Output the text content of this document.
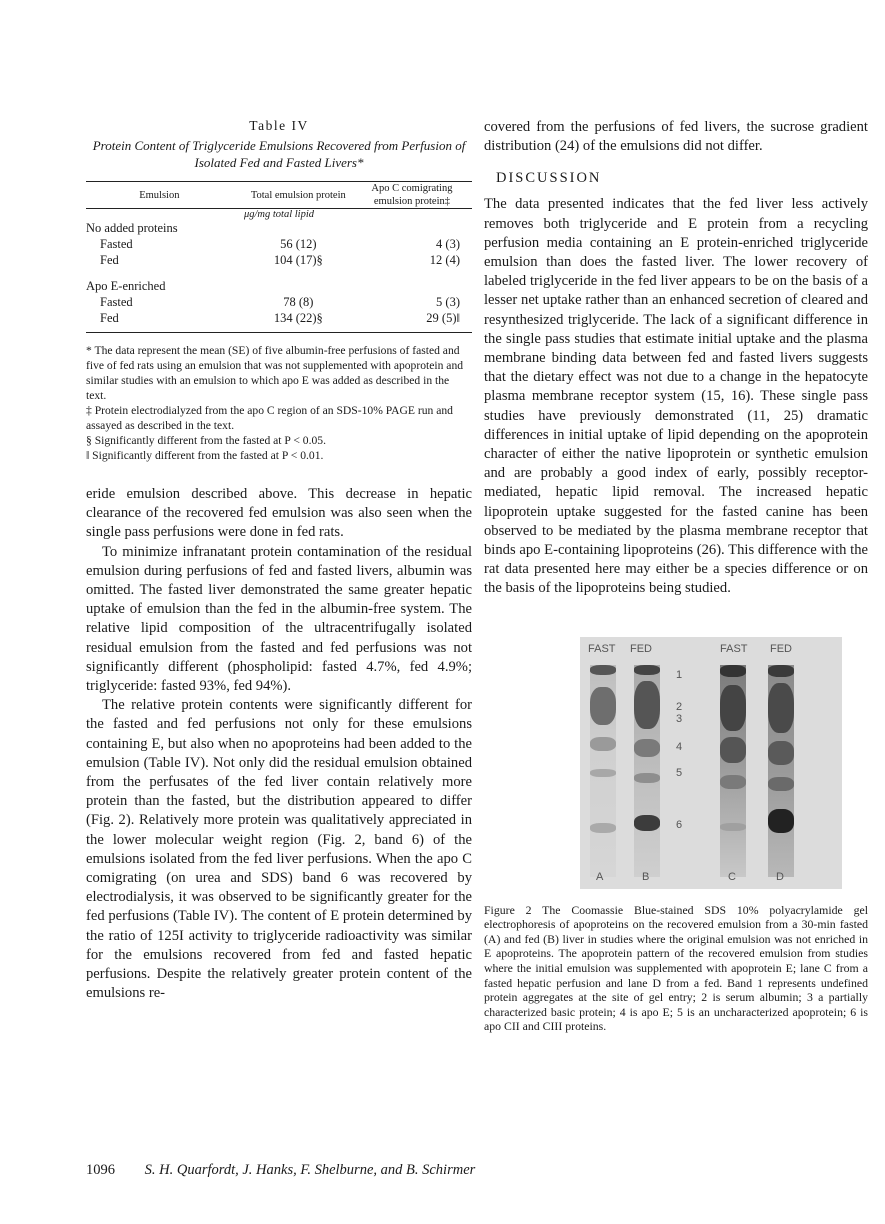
Table IV
Protein Content of Triglyceride Emulsions Recovered from Perfusion of Isolated Fed and Fasted Livers*

Emulsion	Total emulsion protein	Apo C comigrating emulsion protein‡
μg/mg total lipid		
No added proteins		
Fasted	56 (12)	4 (3)
Fed	104 (17)§	12 (4)

Apo E-enriched		
Fasted	78 (8)	5 (3)
Fed	134 (22)§	29 (5)‖

* The data represent the mean (SE) of five albumin-free perfusions of fasted and five of fed rats using an emulsion that was not supplemented with apoprotein and similar studies with an emulsion to which apo E was added as described in the text.

‡ Protein electrodialyzed from the apo C region of an SDS-10% PAGE run and assayed as described in the text.

§ Significantly different from the fasted at P < 0.05.

‖ Significantly different from the fasted at P < 0.01.

eride emulsion described above. This decrease in hepatic clearance of the recovered fed emulsion was also seen when the single pass perfusions were done in fed rats.

To minimize infranatant protein contamination of the residual emulsion during perfusions of fed and fasted livers, albumin was omitted. The fasted liver demonstrated the same greater hepatic uptake of emulsion than the fed in the albumin-free system. The relative lipid composition of the ultracentrifugally isolated residual emulsion from the fasted and fed perfusions was not significantly different (phospholipid: fasted 4.7%, fed 4.9%; triglyceride: fasted 93%, fed 94%).

The relative protein contents were significantly different for the fasted and fed perfusions not only for these emulsions containing E, but also when no apoproteins had been added to the emulsion (Table IV). Not only did the residual emulsion obtained from the perfusates of the fed liver contain relatively more protein than the fasted, but the distribution appeared to differ (Fig. 2). Relatively more protein was qualitatively appreciated in the lower molecular weight region (Fig. 2, band 6) of the emulsions isolated from the fed liver perfusions. When the apo C comigrating (on urea and SDS) band 6 was recovered by electrodialysis, it was observed to be significantly greater for the fed perfusions (Table IV). The content of E protein determined by the ratio of 125I activity to triglyceride radioactivity was similar for the emulsions recovered from fed and fasted hepatic perfusions. Despite the relatively greater protein content of the emulsions re-

covered from the perfusions of fed livers, the sucrose gradient distribution (24) of the emulsions did not differ.

DISCUSSION

The data presented indicates that the fed liver less actively removes both triglyceride and E protein from a recycling perfusion media containing an E protein-enriched triglyceride emulsion than does the fasted liver. The lower recovery of labeled triglyceride in the fed liver appears to be on the basis of a lesser net uptake rather than an enhanced secretion of cleared and resynthesized triglyceride. The lack of a significant difference in the single pass studies that estimate initial uptake and the plasma membrane binding data between fed and fasted livers suggests that the dietary effect was not due to a change in the hepatocyte plasma membrane receptor system (15, 16). These single pass studies have previously demonstrated (11, 25) dramatic differences in initial uptake of lipid depending on the apoprotein character of either the native lipoprotein or synthetic emulsion and are probably a good index of early, possibly receptor-mediated, hepatic lipid removal. The increased hepatic lipoprotein uptake suggested for the fasted canine has been observed to be mediated by the plasma membrane receptor that binds apo E-containing lipoproteins (26). This difference with the rat data presented here may either be a species difference or on the basis of the lipoproteins being studied.

FAST FED	FAST FED
1
2
3
4
5
6
A	B	C	D
Figure 2 The Coomassie Blue-stained SDS 10% polyacrylamide gel electrophoresis of apoproteins on the recovered emulsion from a 30-min fasted (A) and fed (B) liver in studies where the original emulsion was not enriched in E apoproteins. The apoprotein pattern of the recovered emulsion from studies where the initial emulsion was supplemented with apoprotein E; lane C from a fasted hepatic perfusion and lane D from a fed. Band 1 represents undefined protein aggregates at the site of gel entry; 2 is serum albumin; 3 a partially characterized basic protein; 4 is apo E; 5 is an uncharacterized apoprotein; 6 is apo CII and CIII proteins.
1096 S. H. Quarfordt, J. Hanks, F. Shelburne, and B. Schirmer
